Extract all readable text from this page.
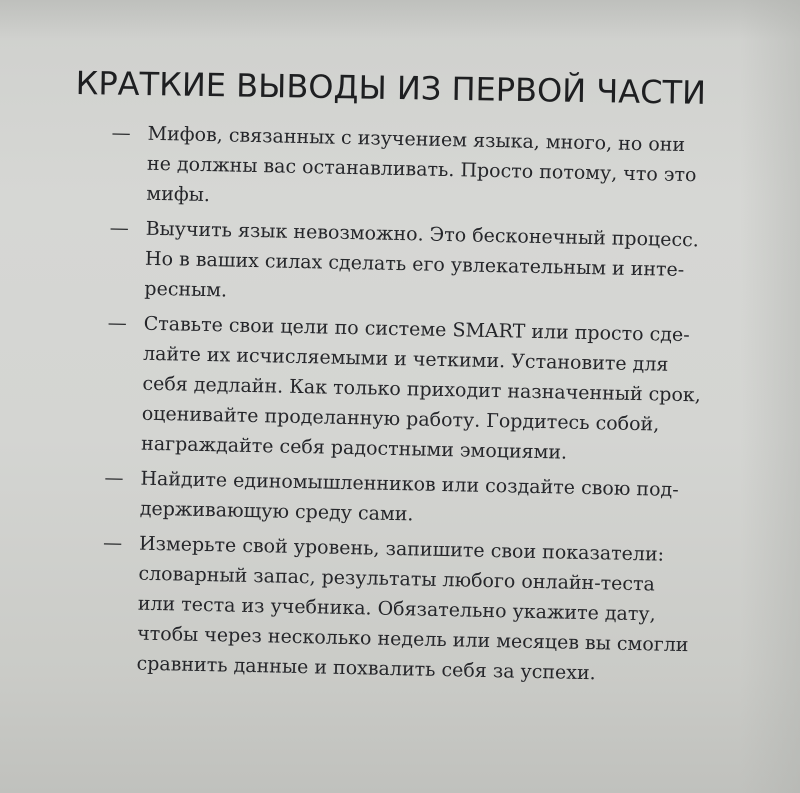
КРАТКИЕ ВЫВОДЫ ИЗ ПЕРВОЙ ЧАСТИ
— Мифов, связанных с изучением языка, много, но они
не должны вас останавливать. Просто потому, что это
мифы.
— Выучить язык невозможно. Это бесконечный процесс.
Но в ваших силах сделать его увлекательным и инте-
ресным.
— Ставьте свои цели по системе SMART или просто сде-
лайте их исчисляемыми и четкими. Установите для
себя дедлайн. Как только приходит назначенный срок,
оценивайте проделанную работу. Гордитесь собой,
награждайте себя радостными эмоциями.
— Найдите единомышленников или создайте свою под-
держивающую среду сами.
— Измерьте свой уровень, запишите свои показатели:
словарный запас, результаты любого онлайн-теста
или теста из учебника. Обязательно укажите дату,
чтобы через несколько недель или месяцев вы смогли
сравнить данные и похвалить себя за успехи.
